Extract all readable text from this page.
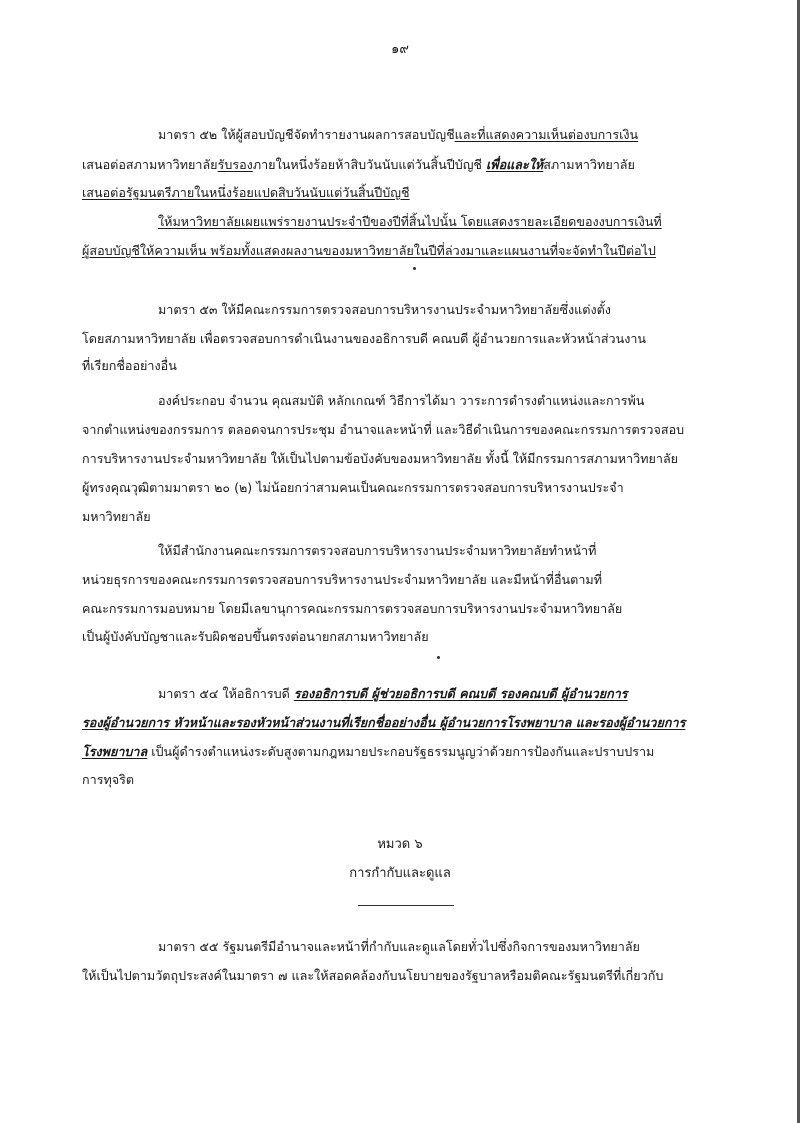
๑๙
มาตรา ๕๒ ให้ผู้สอบบัญชีจัดทำรายงานผลการสอบบัญชีและที่แสดงความเห็นต่องบการเงิน
เสนอต่อสภามหาวิทยาลัยรับรองภายในหนึ่งร้อยห้าสิบวันนับแต่วันสิ้นปีบัญชี เพื่อและให้สภามหาวิทยาลัย
เสนอต่อรัฐมนตรีภายในหนึ่งร้อยแปดสิบวันนับแต่วันสิ้นปีบัญชี
ให้มหาวิทยาลัยเผยแพร่รายงานประจำปีของปีที่สิ้นไปนั้น โดยแสดงรายละเอียดของงบการเงินที่
ผู้สอบบัญชีให้ความเห็น พร้อมทั้งแสดงผลงานของมหาวิทยาลัยในปีที่ล่วงมาและแผนงานที่จะจัดทำในปีต่อไป
มาตรา ๕๓ ให้มีคณะกรรมการตรวจสอบการบริหารงานประจำมหาวิทยาลัยซึ่งแต่งตั้ง
โดยสภามหาวิทยาลัย เพื่อตรวจสอบการดำเนินงานของอธิการบดี คณบดี ผู้อำนวยการและหัวหน้าส่วนงาน
ที่เรียกชื่ออย่างอื่น
องค์ประกอบ จำนวน คุณสมบัติ หลักเกณฑ์ วิธีการได้มา วาระการดำรงตำแหน่งและการพ้น
จากตำแหน่งของกรรมการ ตลอดจนการประชุม อำนาจและหน้าที่ และวิธีดำเนินการของคณะกรรมการตรวจสอบ
การบริหารงานประจำมหาวิทยาลัย ให้เป็นไปตามข้อบังคับของมหาวิทยาลัย ทั้งนี้ ให้มีกรรมการสภามหาวิทยาลัย
ผู้ทรงคุณวุฒิตามมาตรา ๒๐ (๒) ไม่น้อยกว่าสามคนเป็นคณะกรรมการตรวจสอบการบริหารงานประจำ
มหาวิทยาลัย
ให้มีสำนักงานคณะกรรมการตรวจสอบการบริหารงานประจำมหาวิทยาลัยทำหน้าที่
หน่วยธุรการของคณะกรรมการตรวจสอบการบริหารงานประจำมหาวิทยาลัย และมีหน้าที่อื่นตามที่
คณะกรรมการมอบหมาย โดยมีเลขานุการคณะกรรมการตรวจสอบการบริหารงานประจำมหาวิทยาลัย
เป็นผู้บังคับบัญชาและรับผิดชอบขึ้นตรงต่อนายกสภามหาวิทยาลัย
มาตรา ๕๔ ให้อธิการบดี รองอธิการบดี ผู้ช่วยอธิการบดี คณบดี รองคณบดี ผู้อำนวยการ
รองผู้อำนวยการ หัวหน้าและรองหัวหน้าส่วนงานที่เรียกชื่ออย่างอื่น ผู้อำนวยการโรงพยาบาล และรองผู้อำนวยการ
โรงพยาบาล เป็นผู้ดำรงตำแหน่งระดับสูงตามกฎหมายประกอบรัฐธรรมนูญว่าด้วยการป้องกันและปราบปราม
การทุจริต
หมวด ๖
การกำกับและดูแล
มาตรา ๕๕ รัฐมนตรีมีอำนาจและหน้าที่กำกับและดูแลโดยทั่วไปซึ่งกิจการของมหาวิทยาลัย
ให้เป็นไปตามวัตถุประสงค์ในมาตรา ๗ และให้สอดคล้องกับนโยบายของรัฐบาลหรือมติคณะรัฐมนตรีที่เกี่ยวกับ
